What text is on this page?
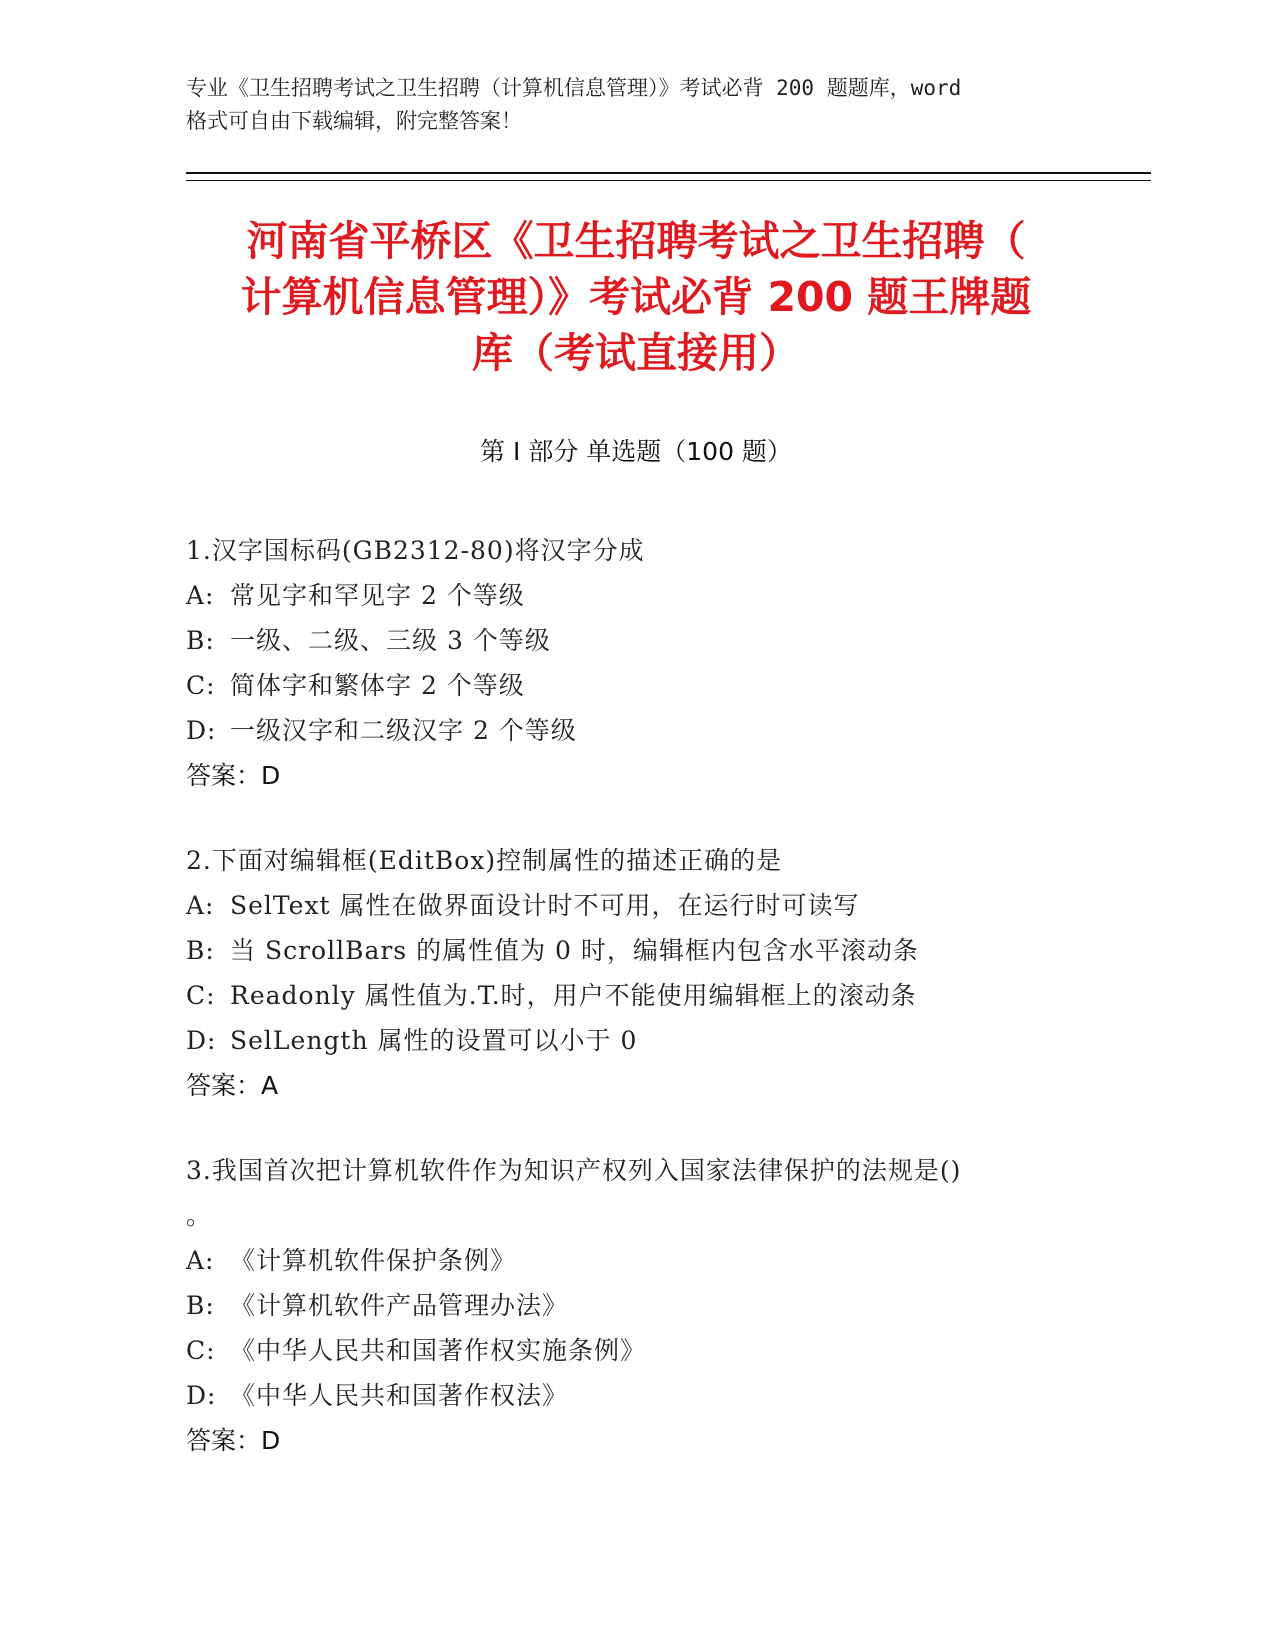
专业《卫生招聘考试之卫生招聘（计算机信息管理）》考试必背 200 题题库，word
格式可自由下载编辑，附完整答案！
河南省平桥区《卫生招聘考试之卫生招聘（
计算机信息管理）》考试必背 200 题王牌题
库（考试直接用）
第 I 部分 单选题（100 题）
1.汉字国标码(GB2312-80)将汉字分成
A: 常见字和罕见字 2 个等级
B: 一级、二级、三级 3 个等级
C: 简体字和繁体字 2 个等级
D: 一级汉字和二级汉字 2 个等级
答案：D
2.下面对编辑框(EditBox)控制属性的描述正确的是
A: SelText 属性在做界面设计时不可用，在运行时可读写
B: 当 ScrollBars 的属性值为 0 时，编辑框内包含水平滚动条
C: Readonly 属性值为.T.时，用户不能使用编辑框上的滚动条
D: SelLength 属性的设置可以小于 0
答案：A
3.我国首次把计算机软件作为知识产权列入国家法律保护的法规是()
。
A: 《计算机软件保护条例》
B: 《计算机软件产品管理办法》
C: 《中华人民共和国著作权实施条例》
D: 《中华人民共和国著作权法》
答案：D
